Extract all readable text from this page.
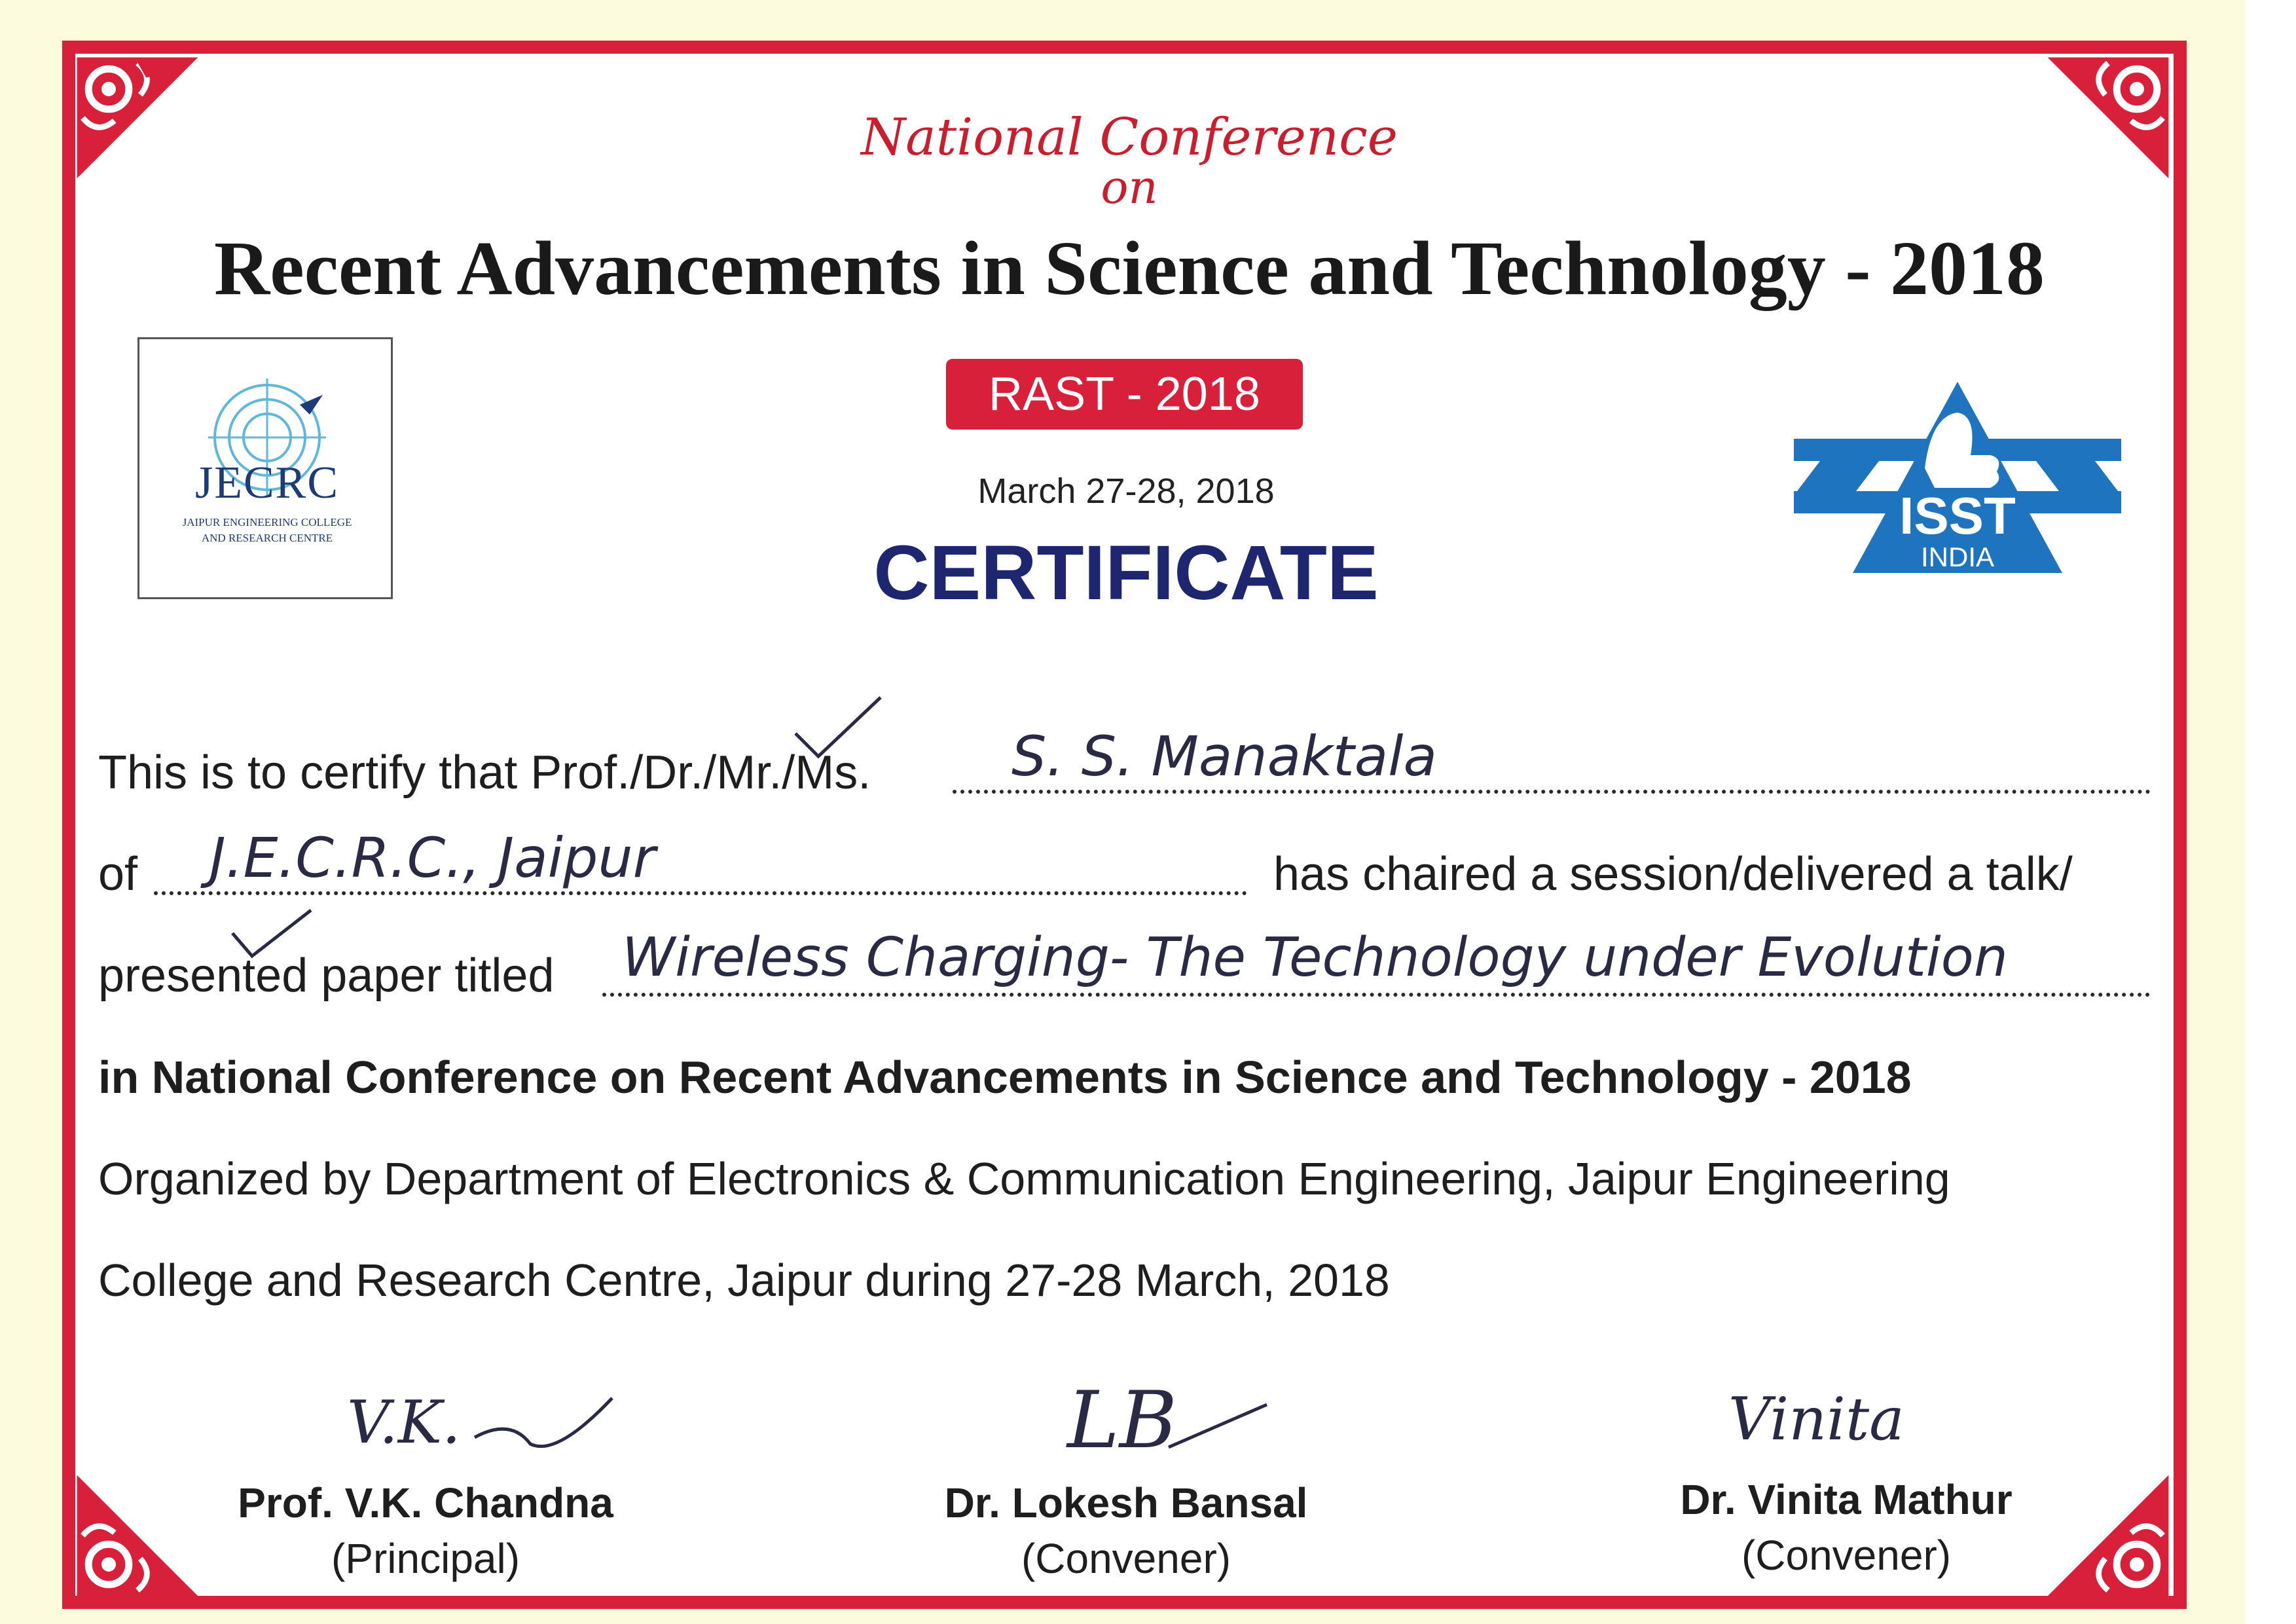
National Conference
on
Recent Advancements in Science and Technology - 2018
JECRC
JAIPUR ENGINEERING COLLEGE
AND RESEARCH CENTRE
RAST - 2018
March 27-28, 2018
CERTIFICATE
ISST
INDIA
This is to certify that Prof./Dr./Mr./Ms.	S. S. Manaktala
of	J.E.C.R.C., Jaipur	has chaired a session/delivered a talk/
presented paper titled	Wireless Charging- The Technology under Evolution
in National Conference on Recent Advancements in Science and Technology - 2018
Organized by Department of Electronics & Communication Engineering, Jaipur Engineering
College and Research Centre, Jaipur during 27-28 March, 2018
V.K.
Prof. V.K. Chandna
(Principal)
LB
Dr. Lokesh Bansal
(Convener)
Vinita
Dr. Vinita Mathur
(Convener)
